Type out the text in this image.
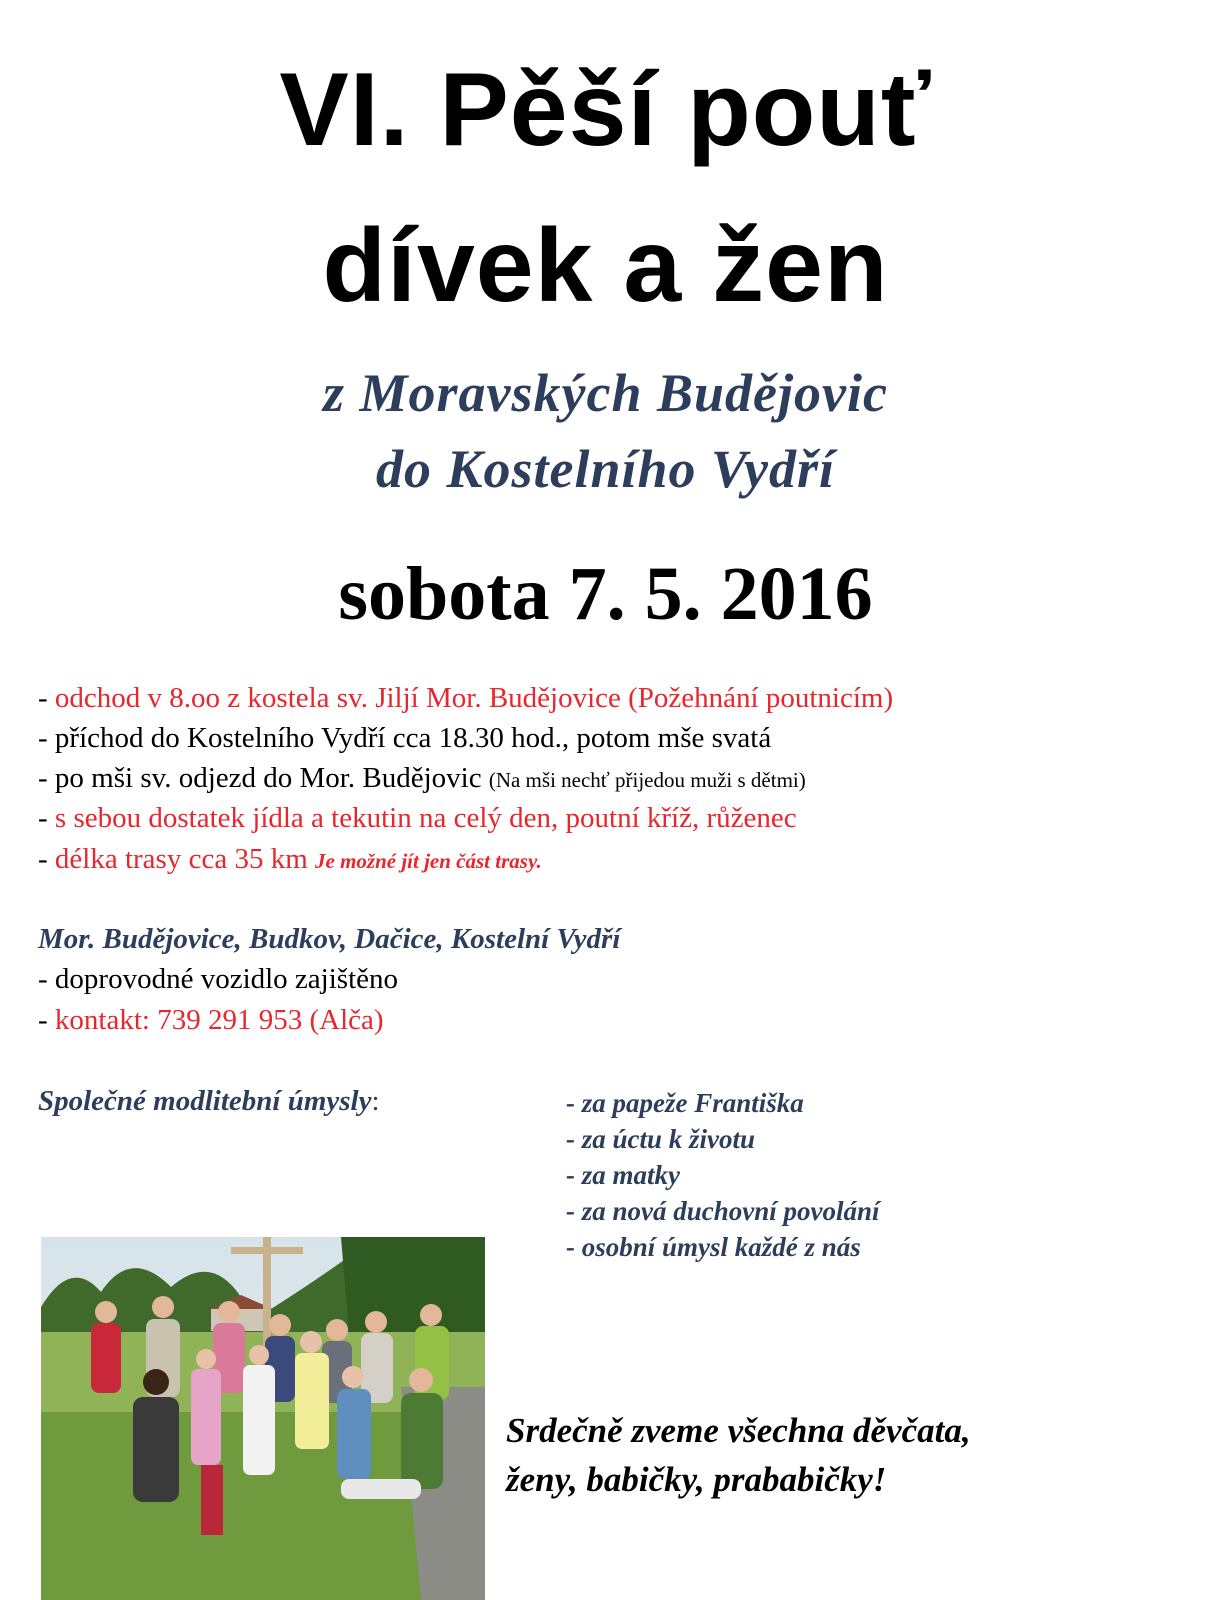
VI. Pěší pouť
dívek a žen
z Moravských Budějovic
do Kostelního Vydří
sobota 7. 5. 2016
- odchod v 8.oo z kostela sv. Jiljí Mor. Budějovice (Požehnání poutnicím)
- příchod do Kostelního Vydří cca 18.30 hod., potom mše svatá
- po mši sv. odjezd do Mor. Budějovic (Na mši nechť přijedou muži s dětmi)
- s sebou dostatek jídla a tekutin na celý den, poutní kříž, růženec
- délka trasy cca 35 km Je možné jít jen část trasy.
Mor. Budějovice, Budkov, Dačice, Kostelní Vydří
- doprovodné vozidlo zajištěno
- kontakt: 739 291 953 (Alča)
Společné modlitební úmysly:	- za papeže Františka
- za úctu k životu
- za matky
- za nová duchovní povolání
- osobní úmysl každé z nás
Srdečně zveme všechna děvčata,
ženy, babičky, prababičky!
